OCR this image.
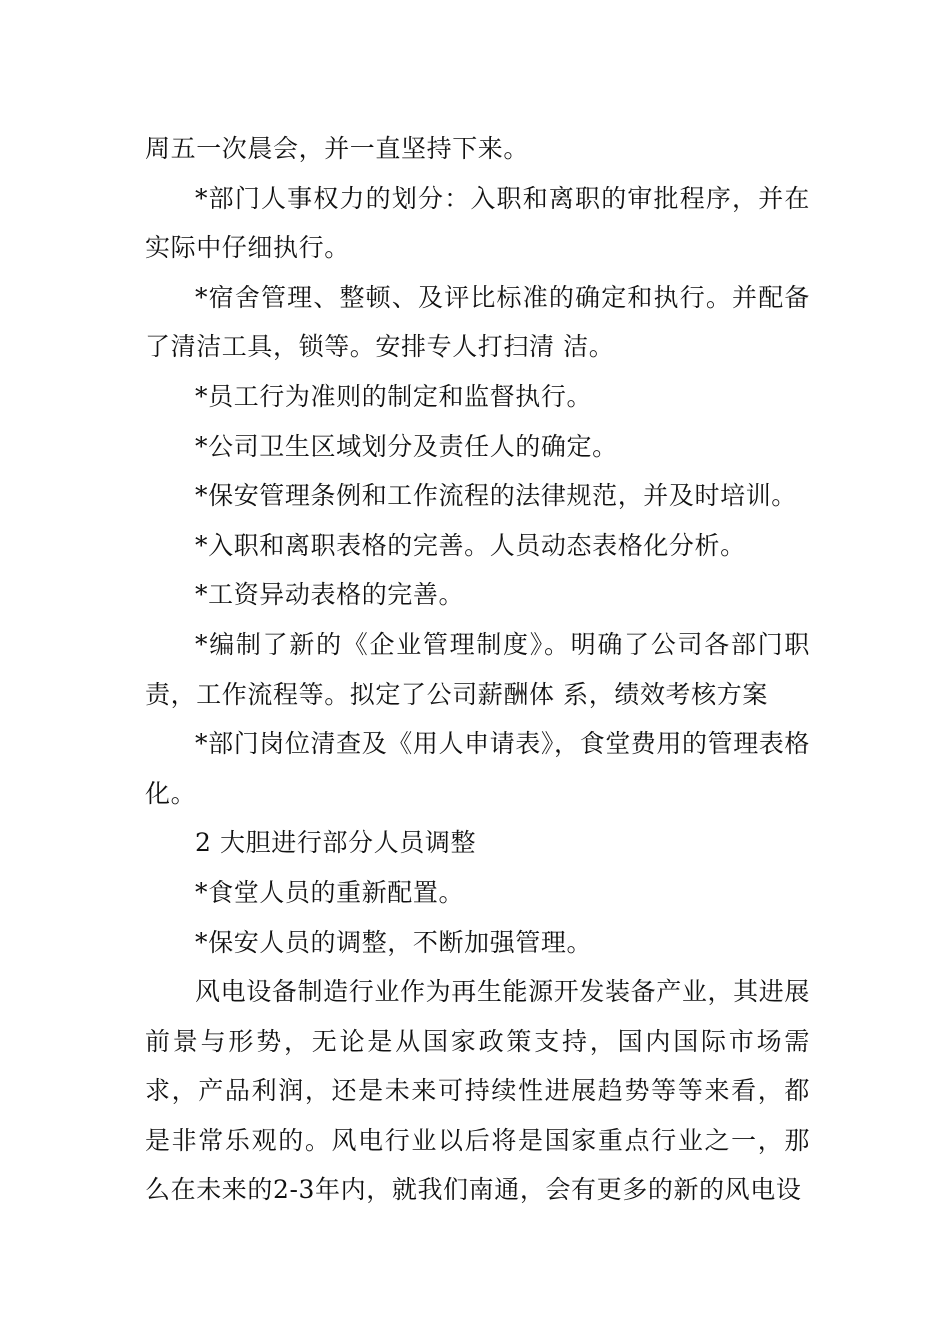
周五一次晨会，并一直坚持下来。

*部门人事权力的划分：入职和离职的审批程序，并在实际中仔细执行。

*宿舍管理、整顿、及评比标准的确定和执行。并配备了清洁工具，锁等。安排专人打扫清 洁。

*员工行为准则的制定和监督执行。

*公司卫生区域划分及责任人的确定。

*保安管理条例和工作流程的法律规范，并及时培训。

*入职和离职表格的完善。人员动态表格化分析。

*工资异动表格的完善。

*编制了新的《企业管理制度》。明确了公司各部门职责，工作流程等。拟定了公司薪酬体 系，绩效考核方案

*部门岗位清查及《用人申请表》，食堂费用的管理表格化。

2 大胆进行部分人员调整

*食堂人员的重新配置。

*保安人员的调整，不断加强管理。

风电设备制造行业作为再生能源开发装备产业，其进展前景与形势，无论是从国家政策支持，国内国际市场需求，产品利润，还是未来可持续性进展趋势等等来看，都是非常乐观的。风电行业以后将是国家重点行业之一，那么在未来的2-3年内，就我们南通，会有更多的新的风电设
